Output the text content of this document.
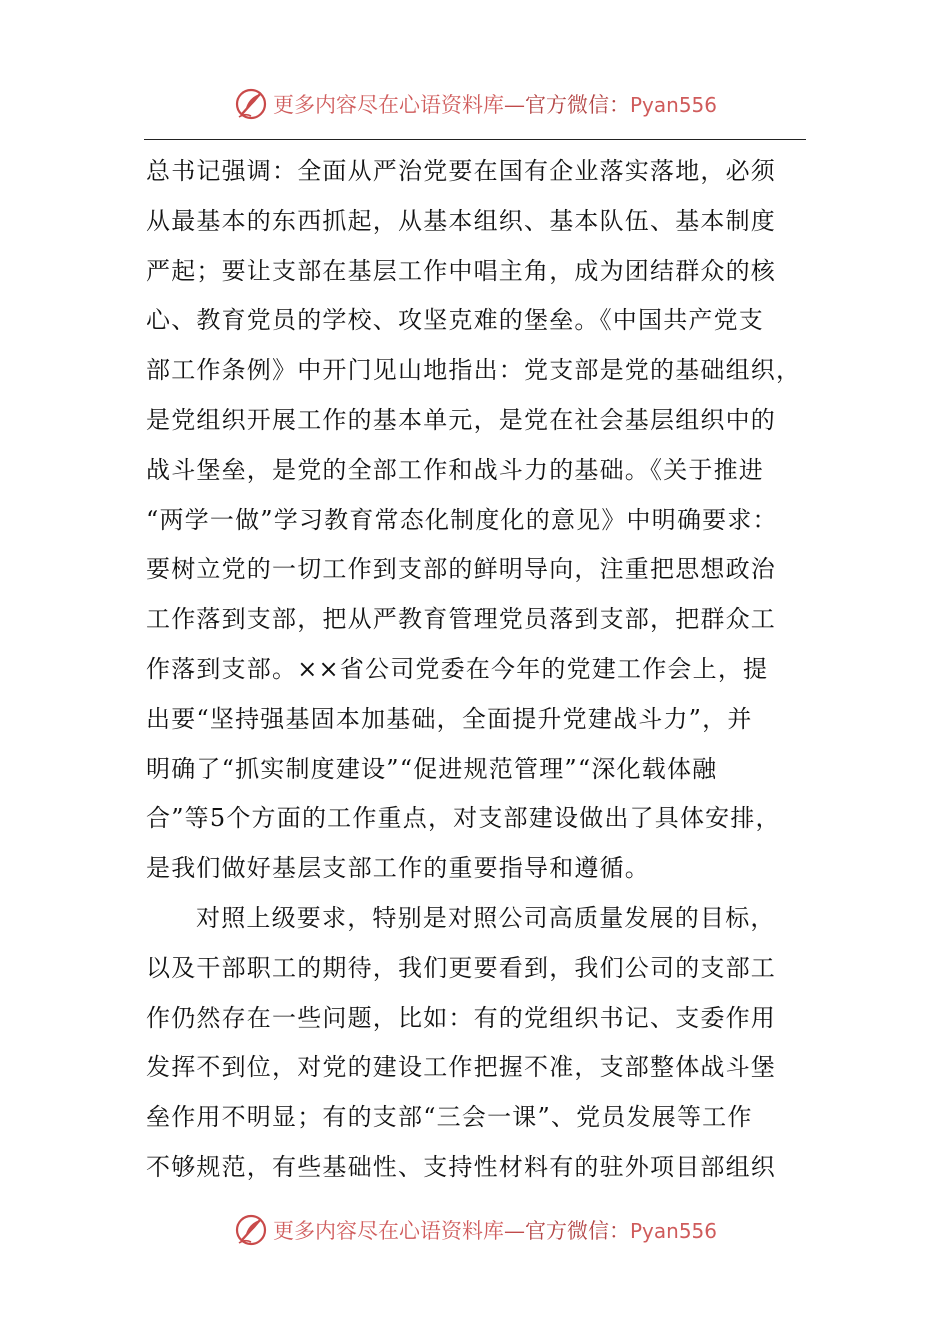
更多内容尽在心语资料库—官方微信：Pyan556
总书记强调：全面从严治党要在国有企业落实落地，必须
从最基本的东西抓起，从基本组织、基本队伍、基本制度
严起；要让支部在基层工作中唱主角，成为团结群众的核
心、教育党员的学校、攻坚克难的堡垒。《中国共产党支
部工作条例》中开门见山地指出：党支部是党的基础组织，
是党组织开展工作的基本单元，是党在社会基层组织中的
战斗堡垒，是党的全部工作和战斗力的基础。《关于推进
“两学一做”学习教育常态化制度化的意见》中明确要求：
要树立党的一切工作到支部的鲜明导向，注重把思想政治
工作落到支部，把从严教育管理党员落到支部，把群众工
作落到支部。××省公司党委在今年的党建工作会上，提
出要“坚持强基固本加基础，全面提升党建战斗力”，并
明确了“抓实制度建设”“促进规范管理”“深化载体融
合”等5个方面的工作重点，对支部建设做出了具体安排，
是我们做好基层支部工作的重要指导和遵循。
对照上级要求，特别是对照公司高质量发展的目标，
以及干部职工的期待，我们更要看到，我们公司的支部工
作仍然存在一些问题，比如：有的党组织书记、支委作用
发挥不到位，对党的建设工作把握不准，支部整体战斗堡
垒作用不明显；有的支部“三会一课”、党员发展等工作
不够规范，有些基础性、支持性材料有的驻外项目部组织
更多内容尽在心语资料库—官方微信：Pyan556
